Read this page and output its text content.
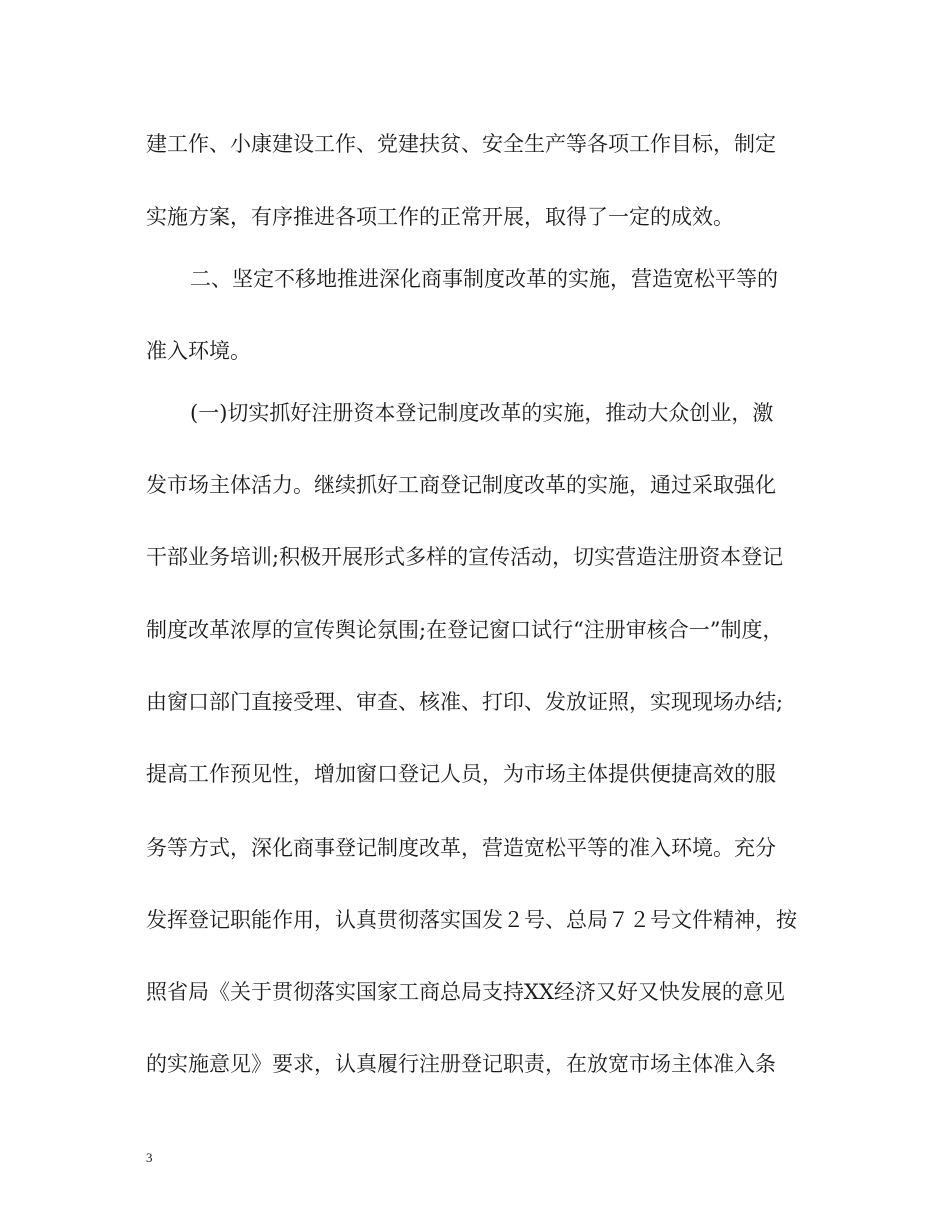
建工作、小康建设工作、党建扶贫、安全生产等各项工作目标，制定

实施方案，有序推进各项工作的正常开展，取得了一定的成效。

二、坚定不移地推进深化商事制度改革的实施，营造宽松平等的

准入环境。

(一)切实抓好注册资本登记制度改革的实施，推动大众创业，激

发市场主体活力。继续抓好工商登记制度改革的实施，通过采取强化

干部业务培训;积极开展形式多样的宣传活动，切实营造注册资本登记

制度改革浓厚的宣传舆论氛围;在登记窗口试行“注册审核合一”制度，

由窗口部门直接受理、审查、核准、打印、发放证照，实现现场办结;

提高工作预见性，增加窗口登记人员，为市场主体提供便捷高效的服

务等方式，深化商事登记制度改革，营造宽松平等的准入环境。充分

发挥登记职能作用，认真贯彻落实国发２号、总局７２号文件精神，按

照省局《关于贯彻落实国家工商总局支持XX经济又好又快发展的意见

的实施意见》要求，认真履行注册登记职责，在放宽市场主体准入条

3
